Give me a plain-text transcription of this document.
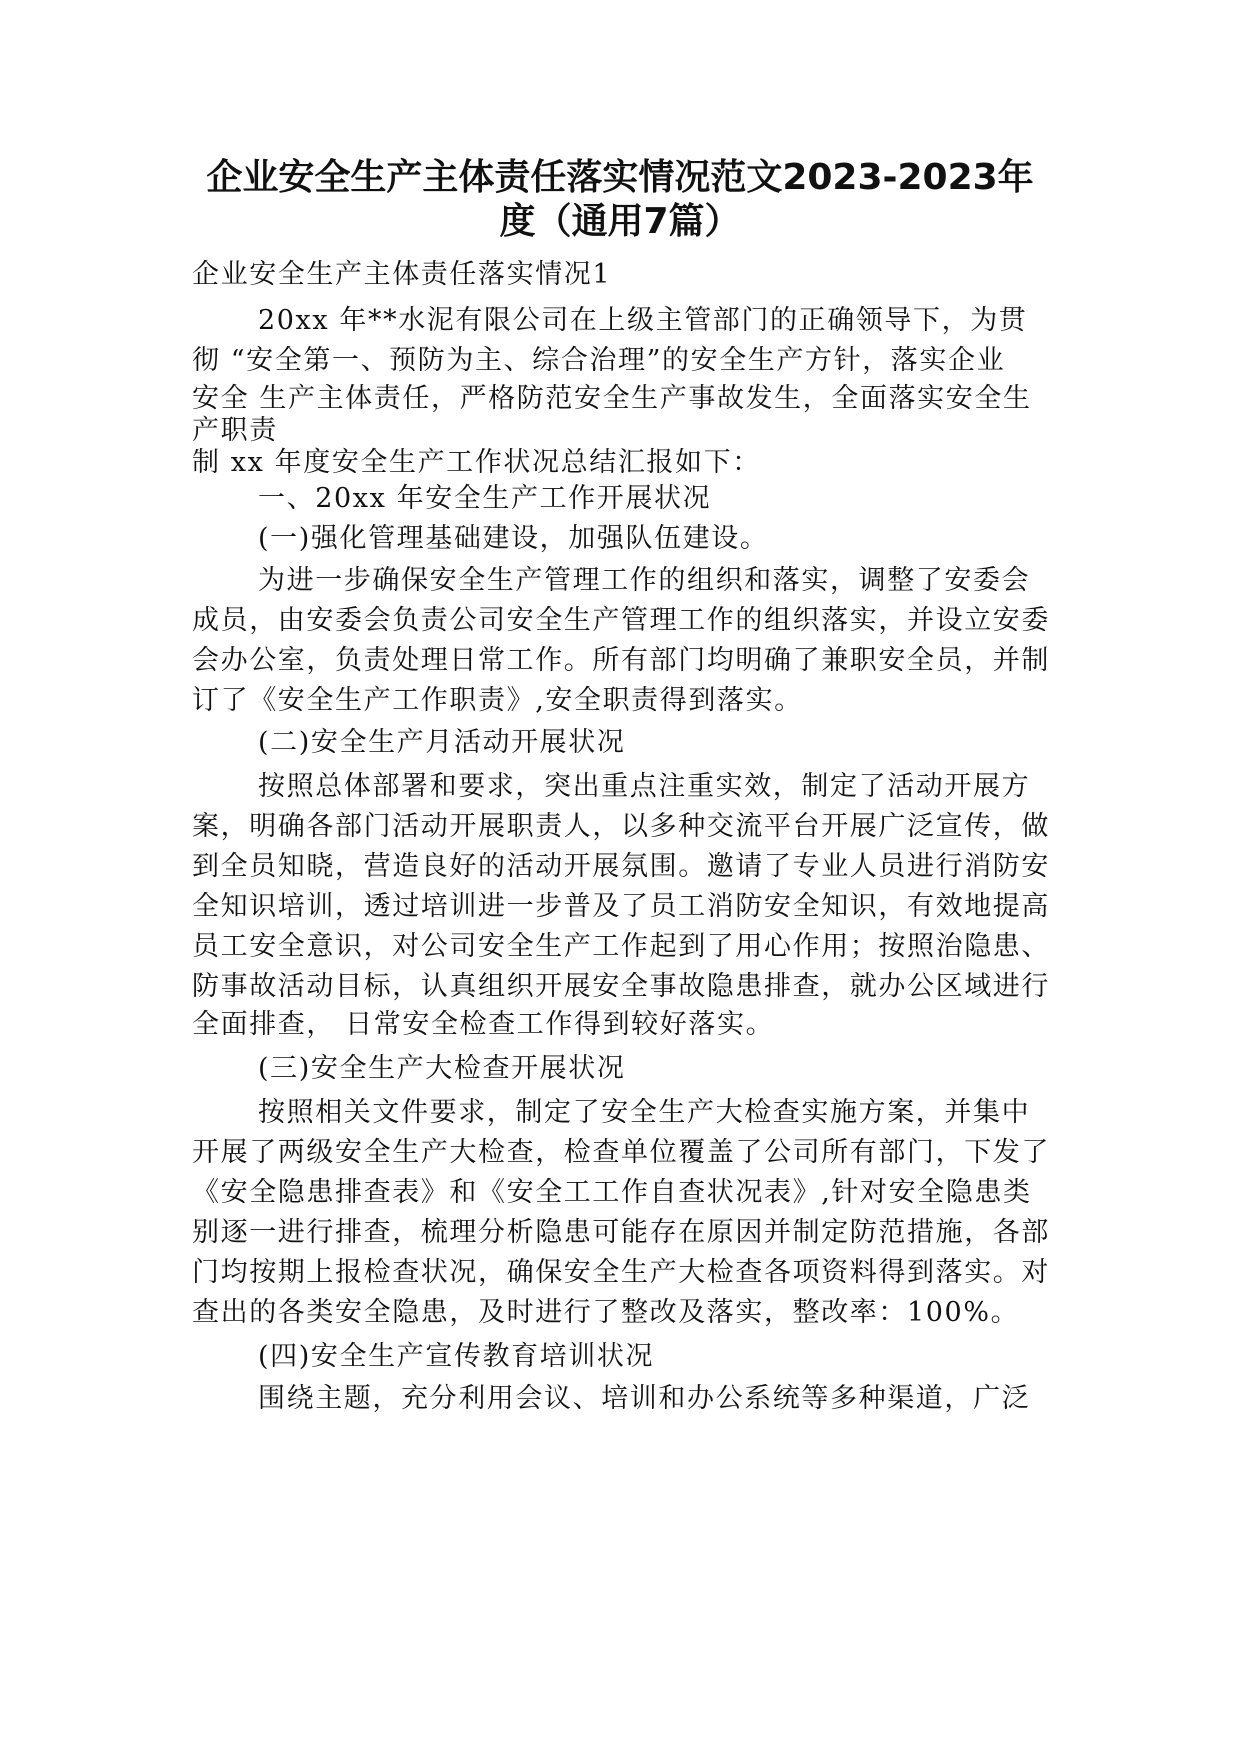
企业安全生产主体责任落实情况范文2023-2023年
度（通用7篇）
企业安全生产主体责任落实情况1
20xx 年**水泥有限公司在上级主管部门的正确领导下，为贯
彻 “安全第一、预防为主、综合治理”的安全生产方针，落实企业
安全 生产主体责任，严格防范安全生产事故发生，全面落实安全生
产职责
制 xx 年度安全生产工作状况总结汇报如下：
一、20xx 年安全生产工作开展状况
(一)强化管理基础建设，加强队伍建设。
为进一步确保安全生产管理工作的组织和落实，调整了安委会
成员，由安委会负责公司安全生产管理工作的组织落实，并设立安委
会办公室，负责处理日常工作。所有部门均明确了兼职安全员，并制
订了《安全生产工作职责》,安全职责得到落实。
(二)安全生产月活动开展状况
按照总体部署和要求，突出重点注重实效，制定了活动开展方
案，明确各部门活动开展职责人，以多种交流平台开展广泛宣传，做
到全员知晓，营造良好的活动开展氛围。邀请了专业人员进行消防安
全知识培训，透过培训进一步普及了员工消防安全知识，有效地提高
员工安全意识，对公司安全生产工作起到了用心作用；按照治隐患、
防事故活动目标，认真组织开展安全事故隐患排查，就办公区域进行
全面排查， 日常安全检查工作得到较好落实。
(三)安全生产大检查开展状况
按照相关文件要求，制定了安全生产大检查实施方案，并集中
开展了两级安全生产大检查，检查单位覆盖了公司所有部门，下发了
《安全隐患排查表》和《安全工工作自查状况表》,针对安全隐患类
别逐一进行排查，梳理分析隐患可能存在原因并制定防范措施，各部
门均按期上报检查状况，确保安全生产大检查各项资料得到落实。对
查出的各类安全隐患，及时进行了整改及落实，整改率：100%。
(四)安全生产宣传教育培训状况
围绕主题，充分利用会议、培训和办公系统等多种渠道，广泛
